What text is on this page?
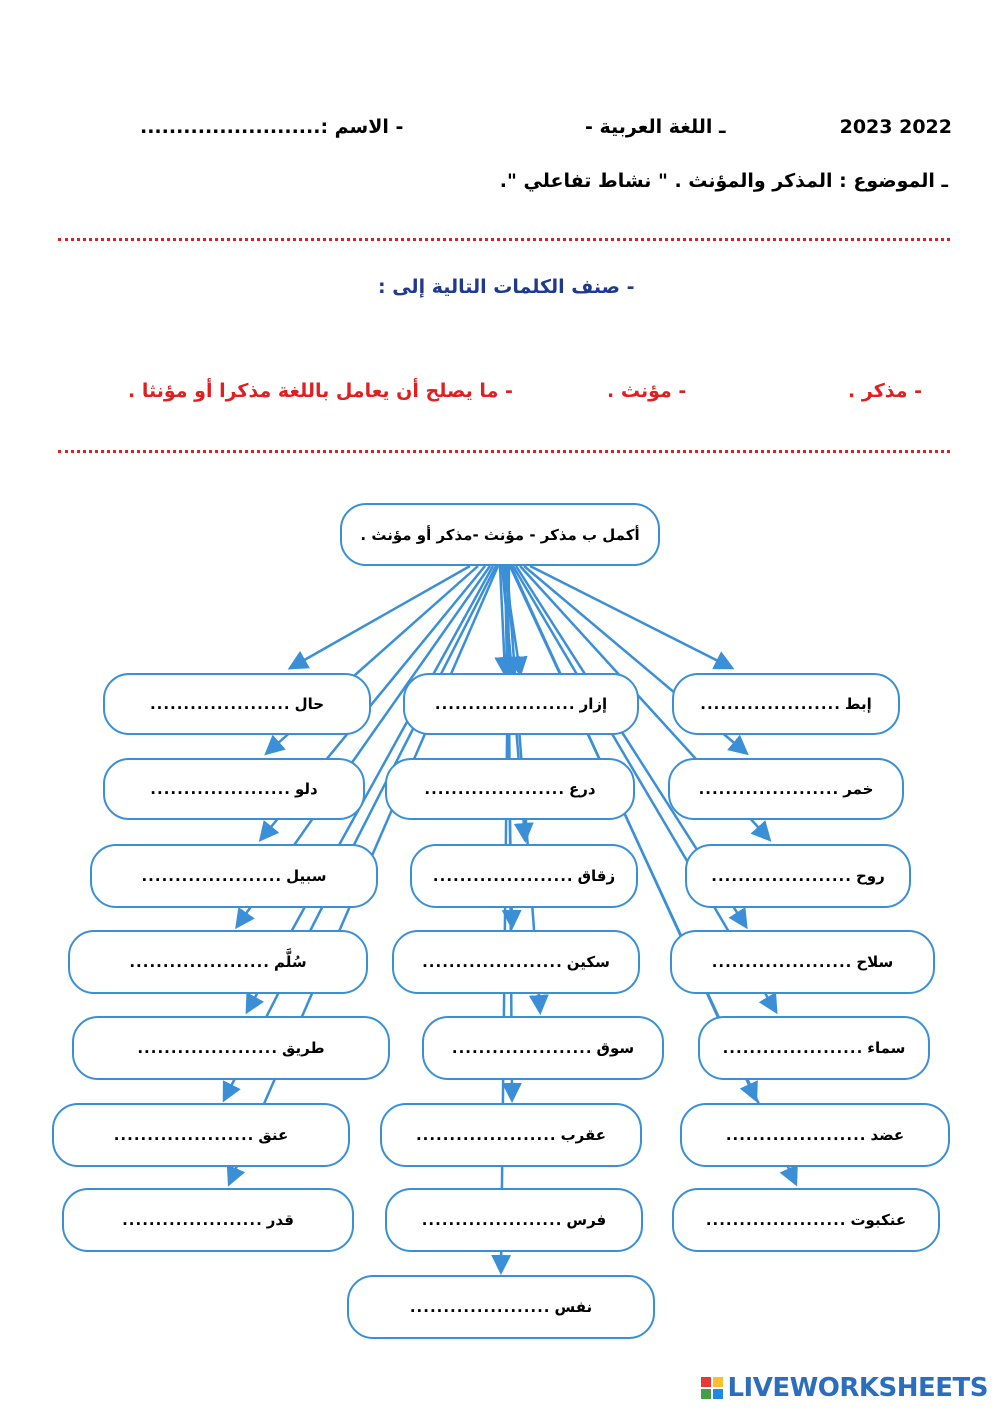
2022 2023
ـ اللغة العربية -
- الاسم :.........................
ـ الموضوع : المذكر والمؤنث . " نشاط تفاعلي ".
- صنف الكلمات التالية إلى :
- مذكر .
- مؤنث .
- ما يصلح أن يعامل باللغة مذكرا أو مؤنثا .
أكمل ب مذكر - مؤنث -مذكر أو مؤنث .
إبط
.....................
خمر
.....................
روح
.....................
سلاح
.....................
سماء
.....................
عضد
.....................
عنكبوت
.....................
إزار
.....................
درع
.....................
زقاق
.....................
سكين
.....................
سوق
.....................
عقرب
.....................
فرس
.....................
نفس
.....................
حال
.....................
دلو
.....................
سبيل
.....................
سُلَّم
.....................
طريق
.....................
عنق
.....................
قدر
.....................
LIVEWORKSHEETS
